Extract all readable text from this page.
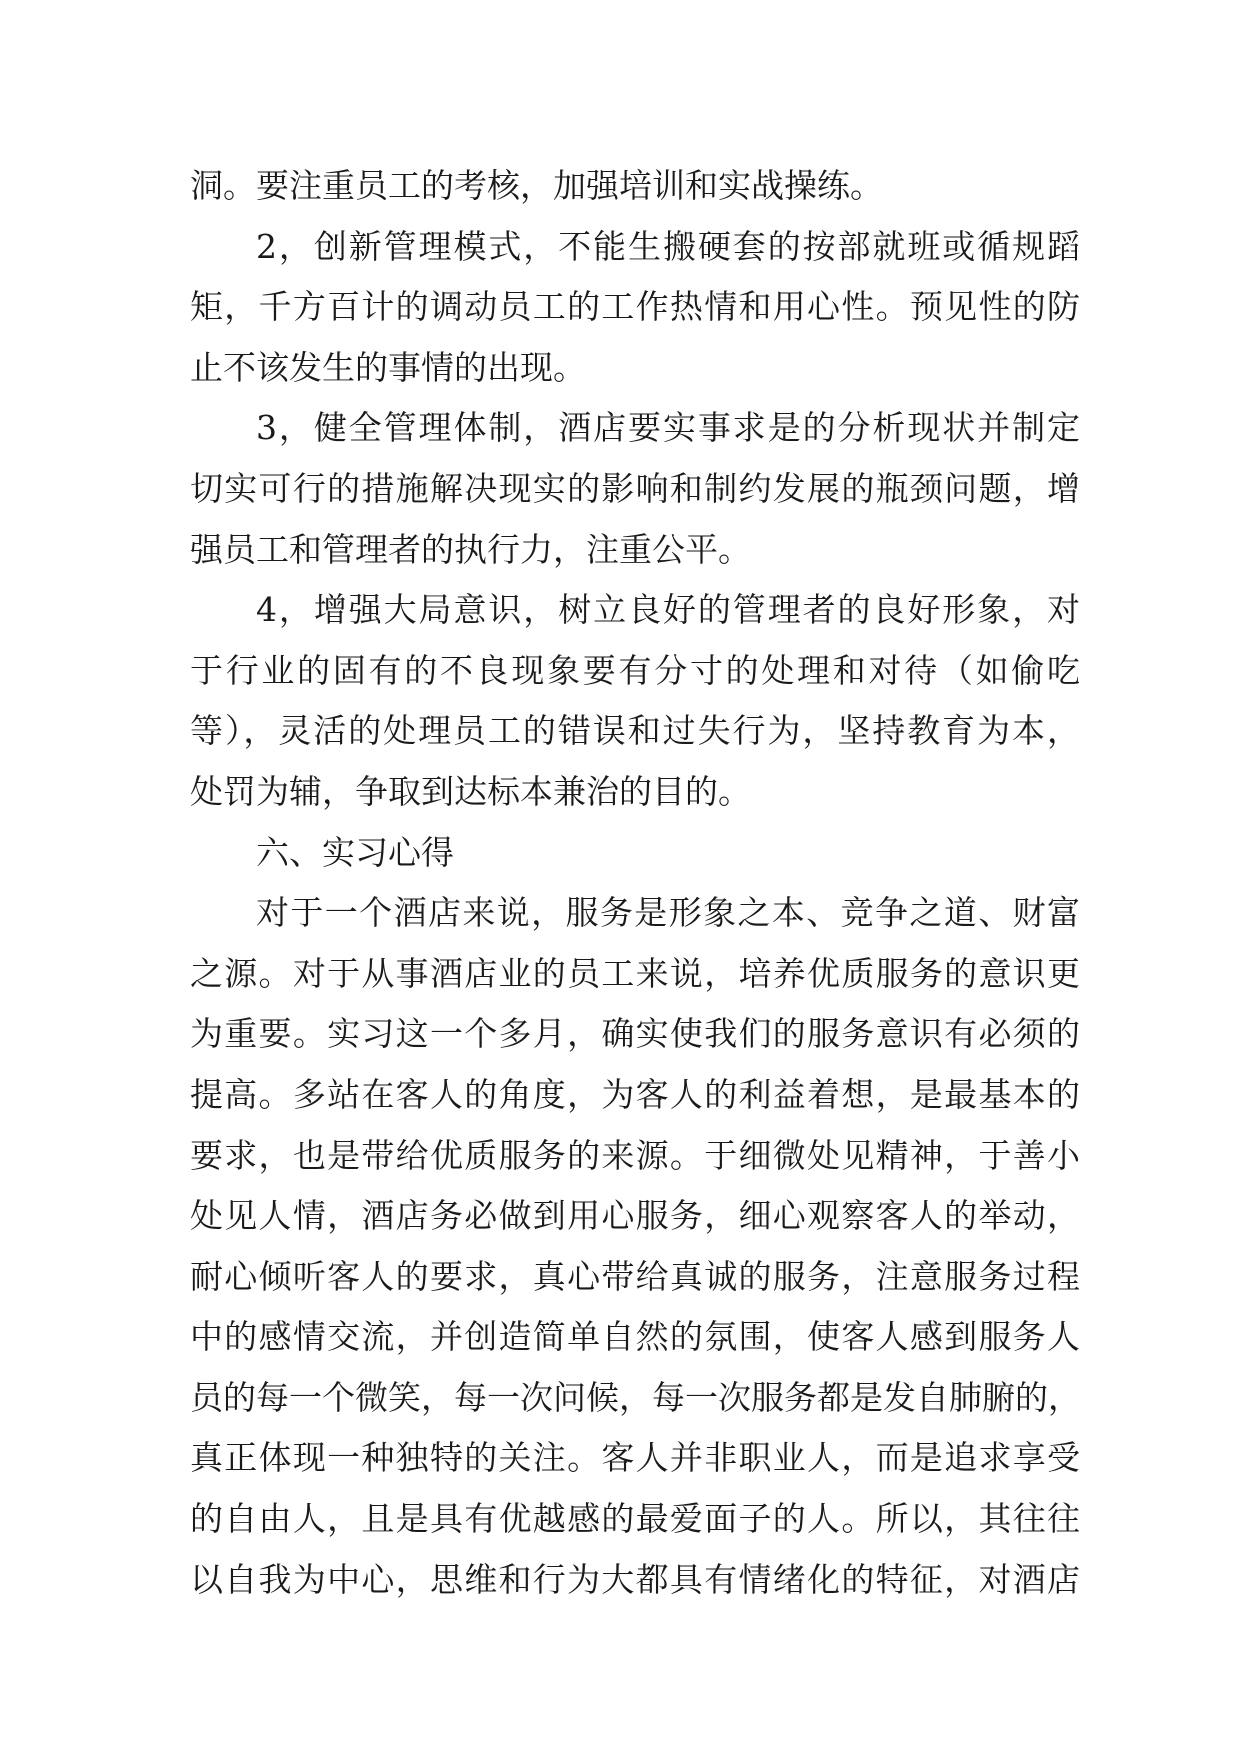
洞。要注重员工的考核，加强培训和实战操练。
2，创新管理模式，不能生搬硬套的按部就班或循规蹈
矩，千方百计的调动员工的工作热情和用心性。预见性的防
止不该发生的事情的出现。
3，健全管理体制，酒店要实事求是的分析现状并制定
切实可行的措施解决现实的影响和制约发展的瓶颈问题，增
强员工和管理者的执行力，注重公平。
4，增强大局意识，树立良好的管理者的良好形象，对
于行业的固有的不良现象要有分寸的处理和对待（如偷吃
等），灵活的处理员工的错误和过失行为，坚持教育为本，
处罚为辅，争取到达标本兼治的目的。
六、实习心得
对于一个酒店来说，服务是形象之本、竞争之道、财富
之源。对于从事酒店业的员工来说，培养优质服务的意识更
为重要。实习这一个多月，确实使我们的服务意识有必须的
提高。多站在客人的角度，为客人的利益着想，是最基本的
要求，也是带给优质服务的来源。于细微处见精神，于善小
处见人情，酒店务必做到用心服务，细心观察客人的举动，
耐心倾听客人的要求，真心带给真诚的服务，注意服务过程
中的感情交流，并创造简单自然的氛围，使客人感到服务人
员的每一个微笑，每一次问候，每一次服务都是发自肺腑的，
真正体现一种独特的关注。客人并非职业人，而是追求享受
的自由人，且是具有优越感的最爱面子的人。所以，其往往
以自我为中心，思维和行为大都具有情绪化的特征，对酒店
